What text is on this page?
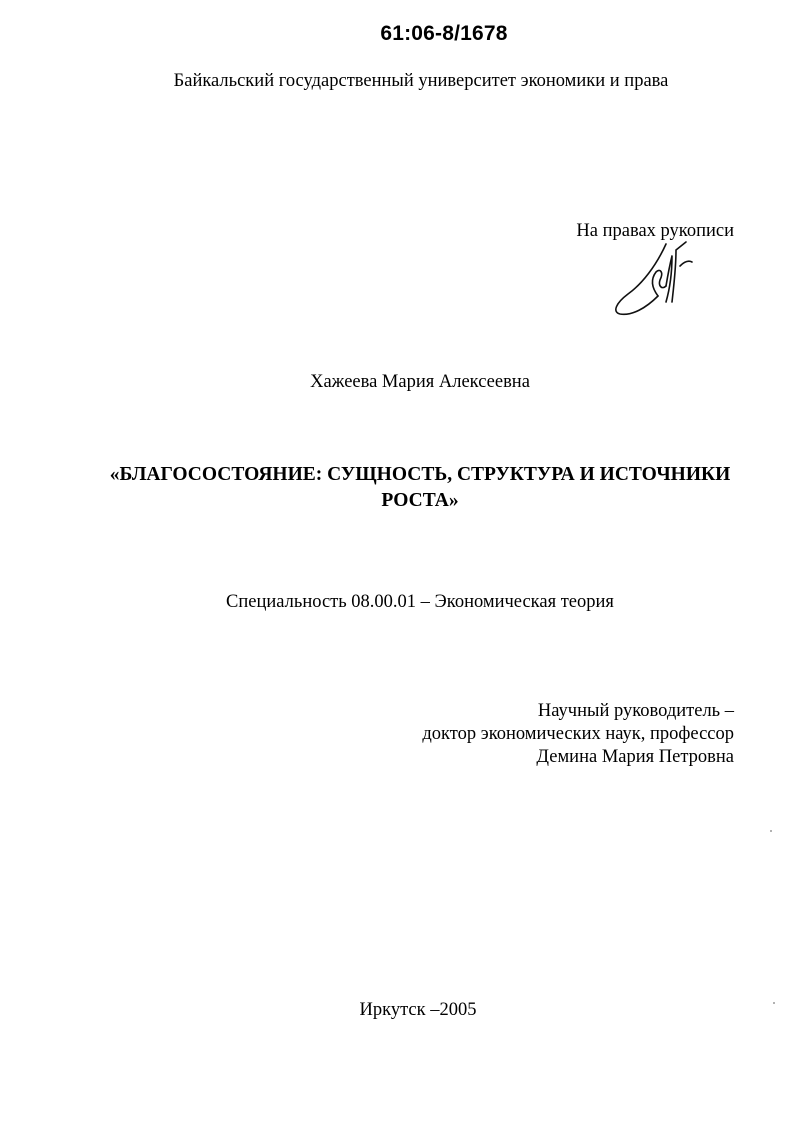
61:06-8/1678
Байкальский государственный университет экономики и права
На правах рукописи
Хажеева Мария Алексеевна
«БЛАГОСОСТОЯНИЕ: СУЩНОСТЬ, СТРУКТУРА И ИСТОЧНИКИ РОСТА»
Специальность 08.00.01 – Экономическая теория
Научный руководитель –
доктор экономических наук, профессор
Демина Мария Петровна
Иркутск –2005
